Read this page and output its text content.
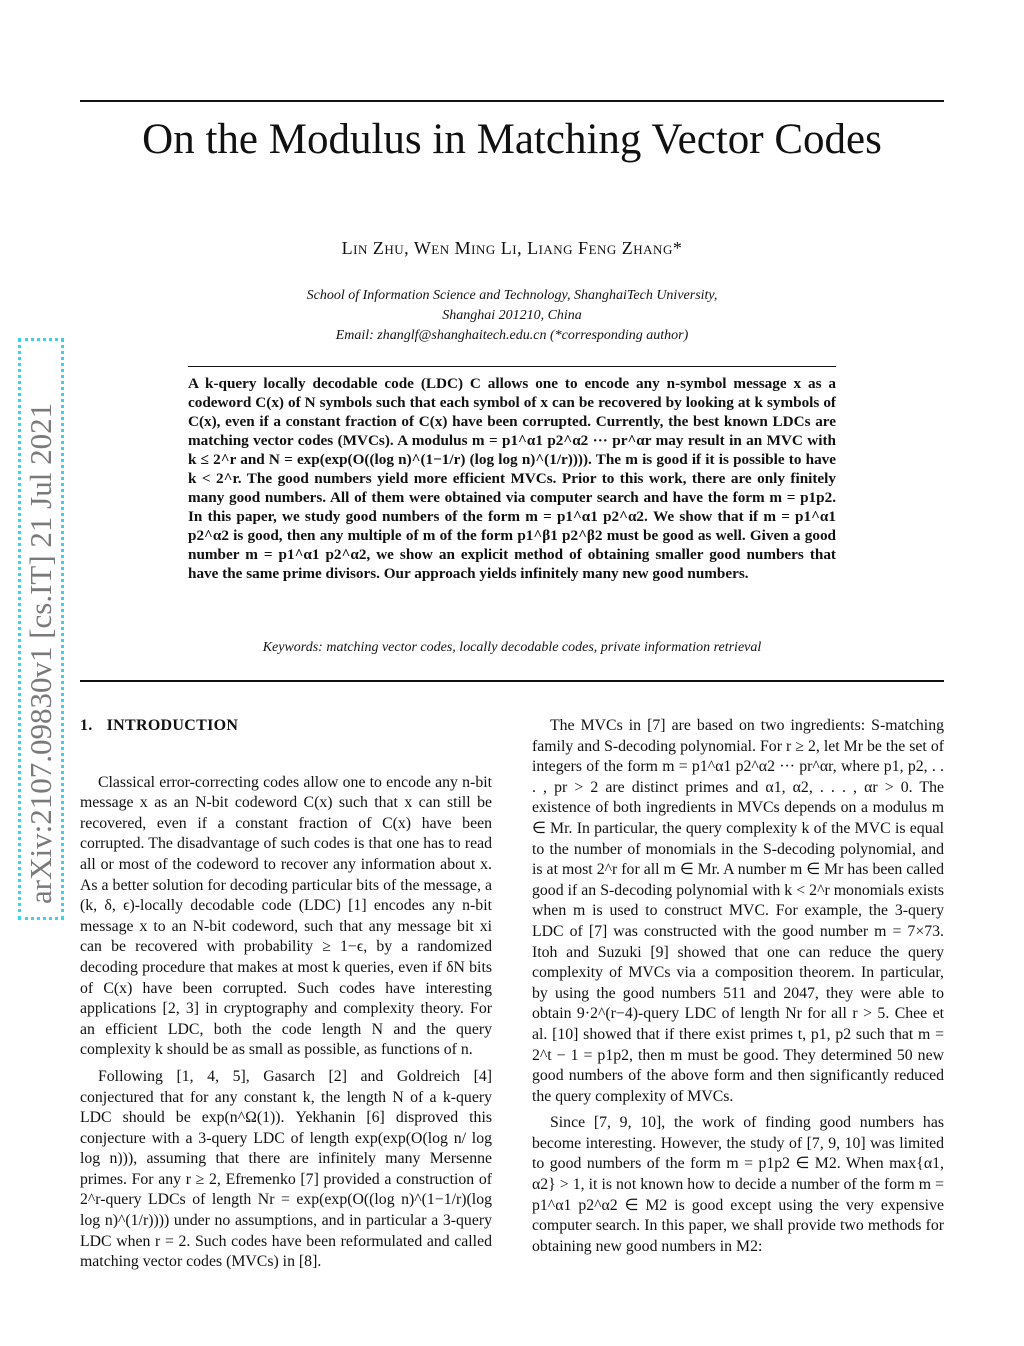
arXiv:2107.09830v1 [cs.IT] 21 Jul 2021
On the Modulus in Matching Vector Codes
Lin Zhu, Wen Ming Li, Liang Feng Zhang*
School of Information Science and Technology, ShanghaiTech University,
Shanghai 201210, China
Email: zhanglf@shanghaitech.edu.cn (*corresponding author)

A k-query locally decodable code (LDC) C allows one to encode any n-symbol message x as a codeword C(x) of N symbols such that each symbol of x can be recovered by looking at k symbols of C(x), even if a constant fraction of C(x) have been corrupted. Currently, the best known LDCs are matching vector codes (MVCs). A modulus m = p1^α1 p2^α2 ··· pr^αr may result in an MVC with k ≤ 2^r and N = exp(exp(O((log n)^(1−1/r) (log log n)^(1/r)))). The m is good if it is possible to have k < 2^r. The good numbers yield more efficient MVCs. Prior to this work, there are only finitely many good numbers. All of them were obtained via computer search and have the form m = p1p2. In this paper, we study good numbers of the form m = p1^α1 p2^α2. We show that if m = p1^α1 p2^α2 is good, then any multiple of m of the form p1^β1 p2^β2 must be good as well. Given a good number m = p1^α1 p2^α2, we show an explicit method of obtaining smaller good numbers that have the same prime divisors. Our approach yields infinitely many new good numbers.

Keywords: matching vector codes, locally decodable codes, private information retrieval
1. INTRODUCTION

Classical error-correcting codes allow one to encode any n-bit message x as an N-bit codeword C(x) such that x can still be recovered, even if a constant fraction of C(x) have been corrupted. The disadvantage of such codes is that one has to read all or most of the codeword to recover any information about x. As a better solution for decoding particular bits of the message, a (k, δ, ϵ)-locally decodable code (LDC) [1] encodes any n-bit message x to an N-bit codeword, such that any message bit xi can be recovered with probability ≥ 1−ϵ, by a randomized decoding procedure that makes at most k queries, even if δN bits of C(x) have been corrupted. Such codes have interesting applications [2, 3] in cryptography and complexity theory. For an efficient LDC, both the code length N and the query complexity k should be as small as possible, as functions of n.

Following [1, 4, 5], Gasarch [2] and Goldreich [4] conjectured that for any constant k, the length N of a k-query LDC should be exp(n^Ω(1)). Yekhanin [6] disproved this conjecture with a 3-query LDC of length exp(exp(O(log n/ log log n))), assuming that there are infinitely many Mersenne primes. For any r ≥ 2, Efremenko [7] provided a construction of 2^r-query LDCs of length Nr = exp(exp(O((log n)^(1−1/r)(log log n)^(1/r)))) under no assumptions, and in particular a 3-query LDC when r = 2. Such codes have been reformulated and called matching vector codes (MVCs) in [8].

The MVCs in [7] are based on two ingredients: S-matching family and S-decoding polynomial. For r ≥ 2, let Mr be the set of integers of the form m = p1^α1 p2^α2 ··· pr^αr, where p1, p2, . . . , pr > 2 are distinct primes and α1, α2, . . . , αr > 0. The existence of both ingredients in MVCs depends on a modulus m ∈ Mr. In particular, the query complexity k of the MVC is equal to the number of monomials in the S-decoding polynomial, and is at most 2^r for all m ∈ Mr. A number m ∈ Mr has been called good if an S-decoding polynomial with k < 2^r monomials exists when m is used to construct MVC. For example, the 3-query LDC of [7] was constructed with the good number m = 7×73. Itoh and Suzuki [9] showed that one can reduce the query complexity of MVCs via a composition theorem. In particular, by using the good numbers 511 and 2047, they were able to obtain 9·2^(r−4)-query LDC of length Nr for all r > 5. Chee et al. [10] showed that if there exist primes t, p1, p2 such that m = 2^t − 1 = p1p2, then m must be good. They determined 50 new good numbers of the above form and then significantly reduced the query complexity of MVCs.

Since [7, 9, 10], the work of finding good numbers has become interesting. However, the study of [7, 9, 10] was limited to good numbers of the form m = p1p2 ∈ M2. When max{α1, α2} > 1, it is not known how to decide a number of the form m = p1^α1 p2^α2 ∈ M2 is good except using the very expensive computer search. In this paper, we shall provide two methods for obtaining new good numbers in M2:
